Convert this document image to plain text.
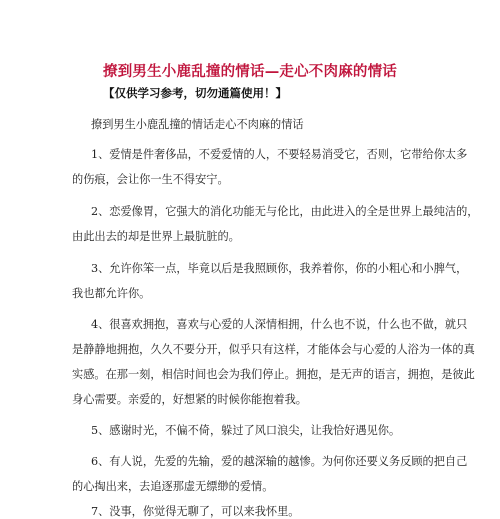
撩到男生小鹿乱撞的情话—走心不肉麻的情话
【仅供学习参考，切勿通篇使用！】
撩到男生小鹿乱撞的情话走心不肉麻的情话
1、爱情是件奢侈品，不爱爱情的人，不要轻易消受它，否则，它带给你太多
的伤痕，会让你一生不得安宁。
2、恋爱像胃，它强大的消化功能无与伦比，由此进入的全是世界上最纯洁的，
由此出去的却是世界上最肮脏的。
3、允许你笨一点，毕竟以后是我照顾你，我养着你，你的小粗心和小脾气，
我也都允许你。
4、很喜欢拥抱，喜欢与心爱的人深情相拥，什么也不说，什么也不做，就只
是静静地拥抱，久久不要分开，似乎只有这样，才能体会与心爱的人浴为一体的真
实感。在那一刻，相信时间也会为我们停止。拥抱，是无声的语言，拥抱，是彼此
身心需要。亲爱的，好想紧的时候你能抱着我。
5、感谢时光，不偏不倚，躲过了风口浪尖，让我恰好遇见你。
6、有人说，先爱的先输，爱的越深输的越惨。为何你还要义务反顾的把自己
的心掏出来，去追逐那虚无缥缈的爱情。
7、没事，你觉得无聊了，可以来我怀里。
